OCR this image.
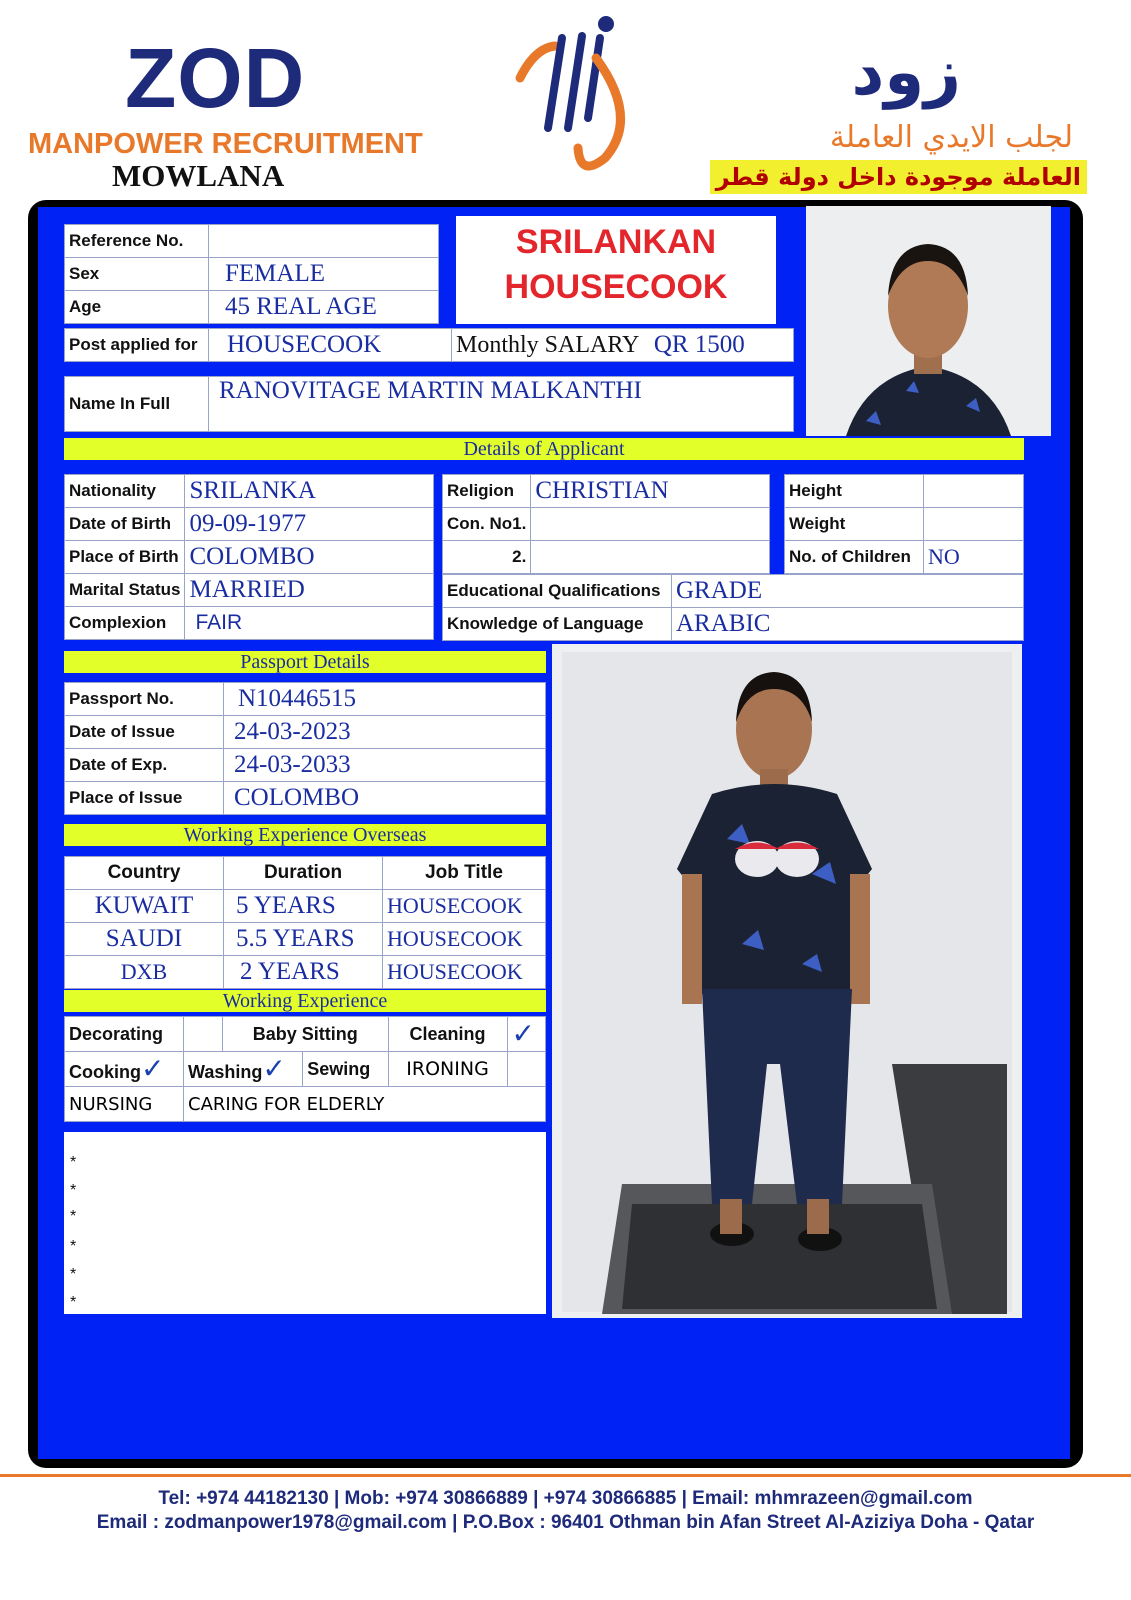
ZOD
MANPOWER RECRUITMENT
MOWLANA
زود
لجلب الايدي العاملة
العاملة موجودة داخل دولة قطر
Reference No.	
Sex	FEMALE
Age	45 REAL AGE
SRILANKAN
HOUSECOOK
Post applied for	HOUSECOOK	Monthly SALARY QR 1500
Name In Full	RANOVITAGE MARTIN MALKANTHI
Details of Applicant
Nationality	SRILANKA
Date of Birth	09-09-1977
Place of Birth	COLOMBO
Marital Status	MARRIED
Complexion	FAIR
Religion	CHRISTIAN
Con. No1.	
2.	
Height	
Weight	
No. of Children	NO
Educational Qualifications	GRADE
Knowledge of Language	ARABIC
Passport Details
Passport No.	N10446515
Date of Issue	24-03-2023
Date of Exp.	24-03-2033
Place of Issue	COLOMBO
Working Experience Overseas
Country	Duration	Job Title
KUWAIT	5 YEARS	HOUSECOOK
SAUDI	5.5 YEARS	HOUSECOOK
DXB	2 YEARS	HOUSECOOK
Working Experience
Decorating		Baby Sitting		Cleaning	✓
Cooking✓	Washing✓		Sewing	IRONING	
NURSING	CARING FOR ELDERLY				
*
*
*
*
*
*
Tel: +974 44182130 | Mob: +974 30866889 | +974 30866885 | Email: mhmrazeen@gmail.com
Email : zodmanpower1978@gmail.com | P.O.Box : 96401 Othman bin Afan Street Al-Aziziya Doha - Qatar
